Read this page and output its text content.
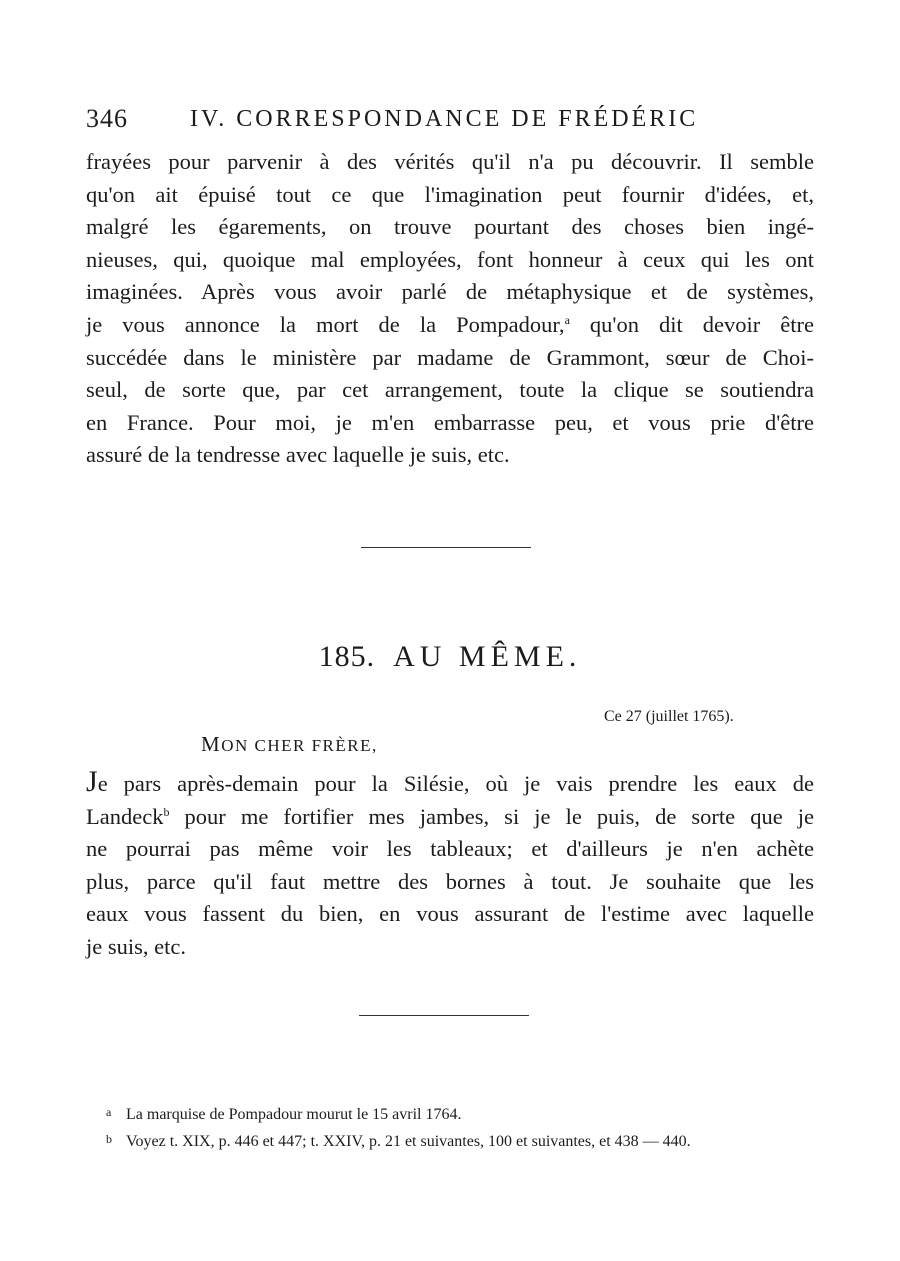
346	IV. CORRESPONDANCE DE FRÉDÉRIC
frayées pour parvenir à des vérités qu'il n'a pu découvrir. Il semble
qu'on ait épuisé tout ce que l'imagination peut fournir d'idées, et,
malgré les égarements, on trouve pourtant des choses bien ingé-
nieuses, qui, quoique mal employées, font honneur à ceux qui les ont
imaginées. Après vous avoir parlé de métaphysique et de systèmes,
je vous annonce la mort de la Pompadour,$^a$ qu'on dit devoir être
succédée dans le ministère par madame de Grammont, sœur de Choi-
seul, de sorte que, par cet arrangement, toute la clique se soutiendra
en France. Pour moi, je m'en embarrasse peu, et vous prie d'être
assuré de la tendresse avec laquelle je suis, etc.
185. AU MÊME.
Ce 27 (juillet 1765).
MON CHER FRÈRE,
Je pars après-demain pour la Silésie, où je vais prendre les eaux de
Landeck$^b$ pour me fortifier mes jambes, si je le puis, de sorte que je
ne pourrai pas même voir les tableaux; et d'ailleurs je n'en achète
plus, parce qu'il faut mettre des bornes à tout. Je souhaite que les
eaux vous fassent du bien, en vous assurant de l'estime avec laquelle
je suis, etc.
a La marquise de Pompadour mourut le 15 avril 1764.
b Voyez t. XIX, p. 446 et 447; t. XXIV, p. 21 et suivantes, 100 et suivantes, et 438 — 440.
